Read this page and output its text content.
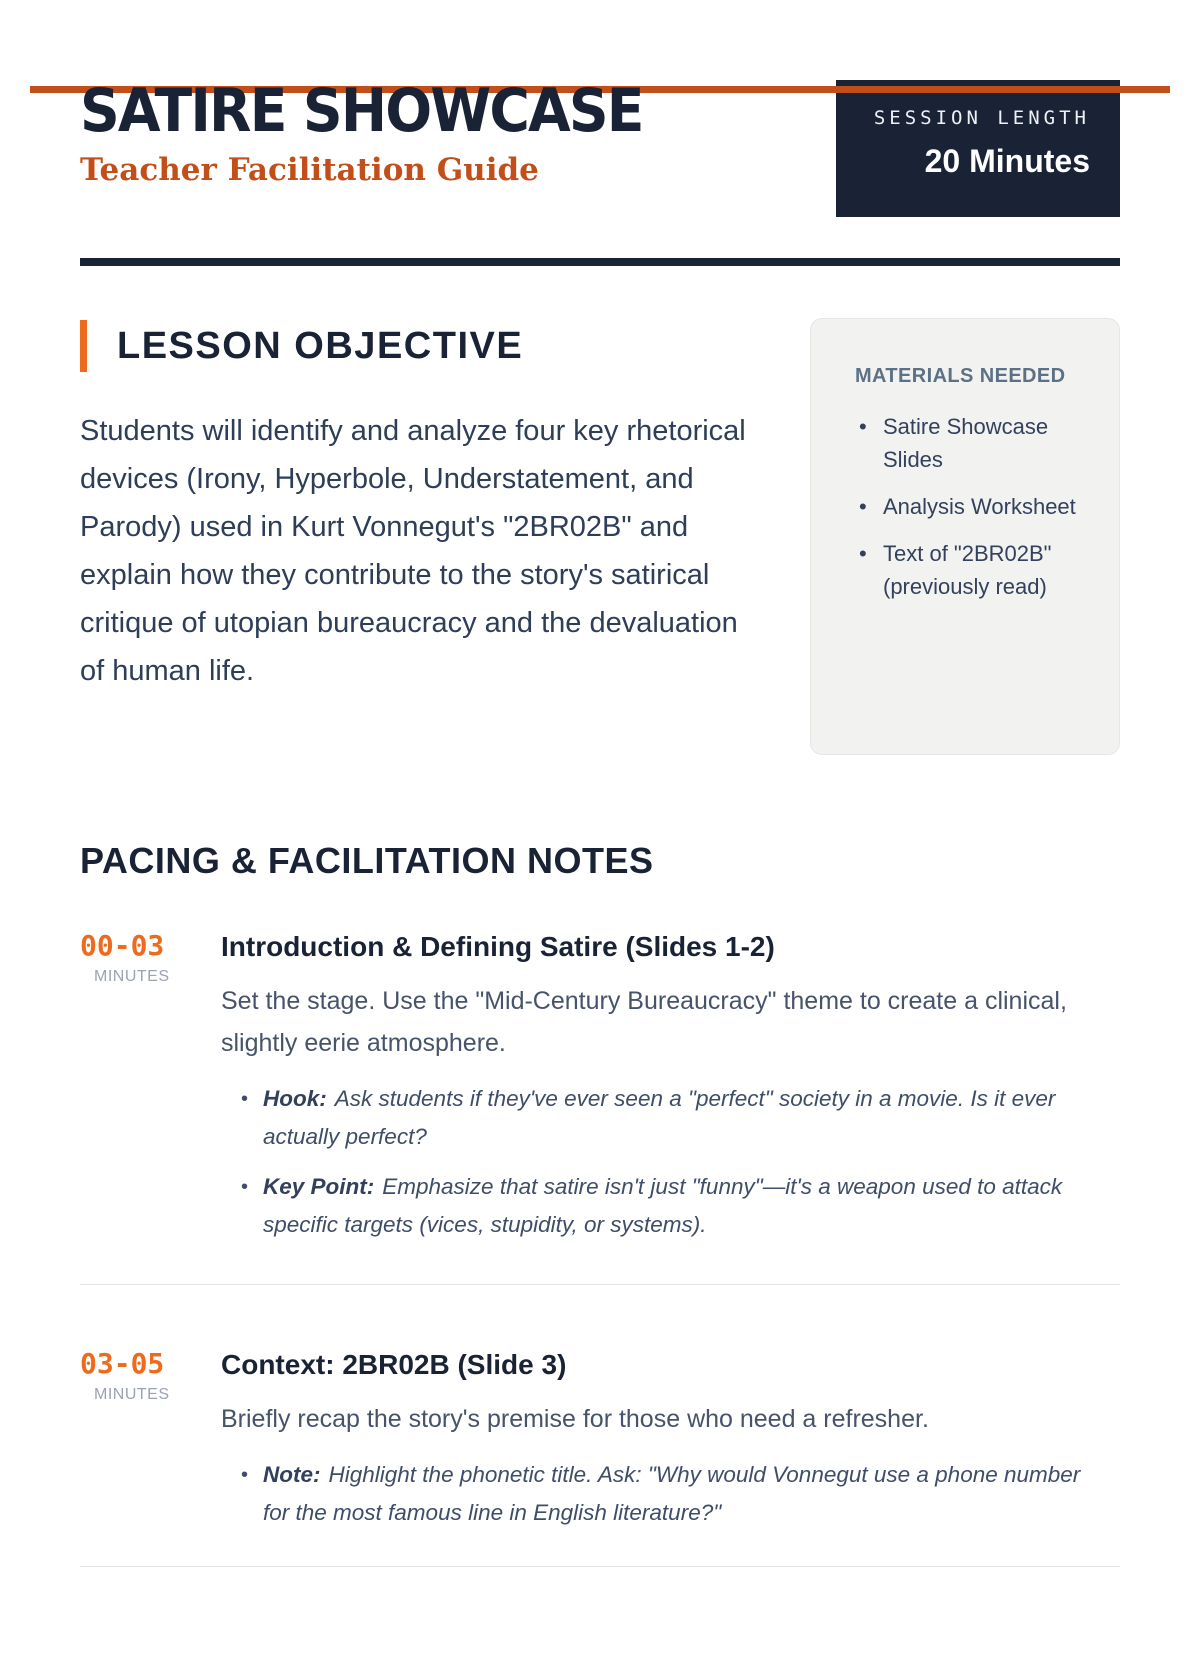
SATIRE SHOWCASE
Teacher Facilitation Guide
SESSION LENGTH
20 Minutes
LESSON OBJECTIVE

Students will identify and analyze four key rhetorical devices (Irony, Hyperbole, Understatement, and Parody) used in Kurt Vonnegut's "2BR02B" and explain how they contribute to the story's satirical critique of utopian bureaucracy and the devaluation of human life.

MATERIALS NEEDED
• Satire Showcase Slides
• Analysis Worksheet
• Text of "2BR02B" (previously read)
PACING & FACILITATION NOTES
00-03
MINUTES
Introduction & Defining Satire (Slides 1-2)

Set the stage. Use the "Mid-Century Bureaucracy" theme to create a clinical, slightly eerie atmosphere.

• Hook: Ask students if they've ever seen a "perfect" society in a movie. Is it ever actually perfect?
• Key Point: Emphasize that satire isn't just "funny"—it's a weapon used to attack specific targets (vices, stupidity, or systems).
03-05
MINUTES
Context: 2BR02B (Slide 3)

Briefly recap the story's premise for those who need a refresher.

• Note: Highlight the phonetic title. Ask: "Why would Vonnegut use a phone number for the most famous line in English literature?"
